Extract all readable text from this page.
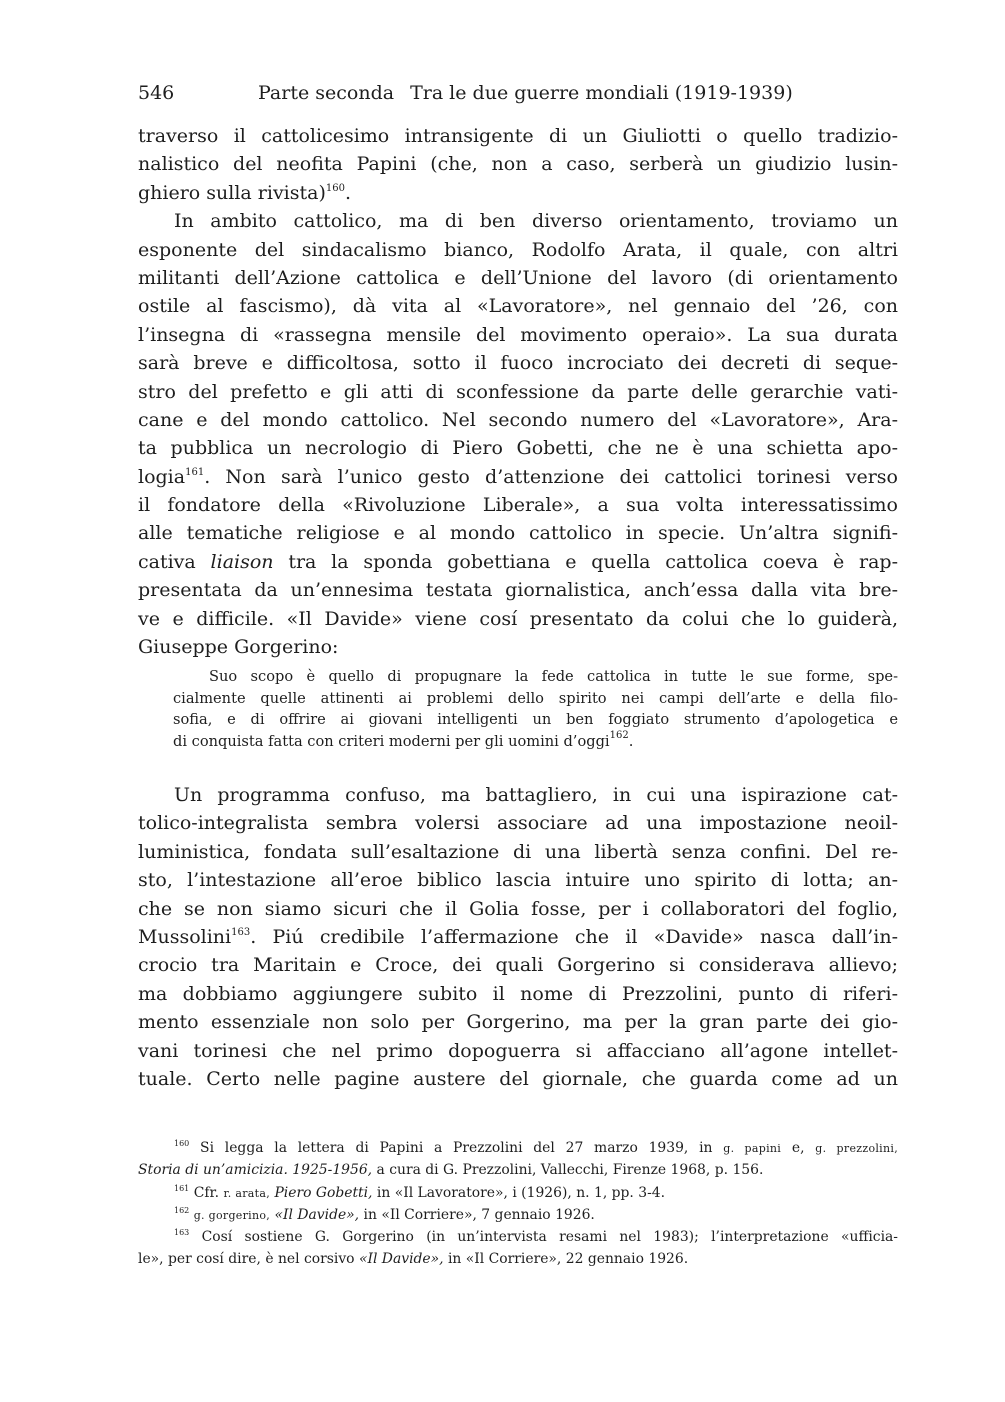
546	Parte seconda Tra le due guerre mondiali (1919-1939)
traverso il cattolicesimo intransigente di un Giuliotti o quello tradizio-
nalistico del neofita Papini (che, non a caso, serberà un giudizio lusin-
ghiero sulla rivista)$^{160}$.
In ambito cattolico, ma di ben diverso orientamento, troviamo un
esponente del sindacalismo bianco, Rodolfo Arata, il quale, con altri
militanti dell’Azione cattolica e dell’Unione del lavoro (di orientamento
ostile al fascismo), dà vita al «Lavoratore», nel gennaio del ’26, con
l’insegna di «rassegna mensile del movimento operaio». La sua durata
sarà breve e difficoltosa, sotto il fuoco incrociato dei decreti di seque-
stro del prefetto e gli atti di sconfessione da parte delle gerarchie vati-
cane e del mondo cattolico. Nel secondo numero del «Lavoratore», Ara-
ta pubblica un necrologio di Piero Gobetti, che ne è una schietta apo-
logia$^{161}$. Non sarà l’unico gesto d’attenzione dei cattolici torinesi verso
il fondatore della «Rivoluzione Liberale», a sua volta interessatissimo
alle tematiche religiose e al mondo cattolico in specie. Un’altra signifi-
cativa liaison tra la sponda gobettiana e quella cattolica coeva è rap-
presentata da un’ennesima testata giornalistica, anch’essa dalla vita bre-
ve e difficile. «Il Davide» viene cosí presentato da colui che lo guiderà,
Giuseppe Gorgerino:
Suo scopo è quello di propugnare la fede cattolica in tutte le sue forme, spe-
cialmente quelle attinenti ai problemi dello spirito nei campi dell’arte e della filo-
sofia, e di offrire ai giovani intelligenti un ben foggiato strumento d’apologetica e
di conquista fatta con criteri moderni per gli uomini d’oggi$^{162}$.
Un programma confuso, ma battagliero, in cui una ispirazione cat-
tolico-integralista sembra volersi associare ad una impostazione neoil-
luministica, fondata sull’esaltazione di una libertà senza confini. Del re-
sto, l’intestazione all’eroe biblico lascia intuire uno spirito di lotta; an-
che se non siamo sicuri che il Golia fosse, per i collaboratori del foglio,
Mussolini$^{163}$. Piú credibile l’affermazione che il «Davide» nasca dall’in-
crocio tra Maritain e Croce, dei quali Gorgerino si considerava allievo;
ma dobbiamo aggiungere subito il nome di Prezzolini, punto di riferi-
mento essenziale non solo per Gorgerino, ma per la gran parte dei gio-
vani torinesi che nel primo dopoguerra si affacciano all’agone intellet-
tuale. Certo nelle pagine austere del giornale, che guarda come ad un
$^{160}$ Si legga la lettera di Papini a Prezzolini del 27 marzo 1939, in g. papini e, g. prezzolini,
Storia di un’amicizia. 1925-1956, a cura di G. Prezzolini, Vallecchi, Firenze 1968, p. 156.
$^{161}$ Cfr. r. arata, Piero Gobetti, in «Il Lavoratore», i (1926), n. 1, pp. 3-4.
$^{162}$ g. gorgerino, «Il Davide», in «Il Corriere», 7 gennaio 1926.
$^{163}$ Cosí sostiene G. Gorgerino (in un’intervista resami nel 1983); l’interpretazione «ufficia-
le», per cosí dire, è nel corsivo «Il Davide», in «Il Corriere», 22 gennaio 1926.
